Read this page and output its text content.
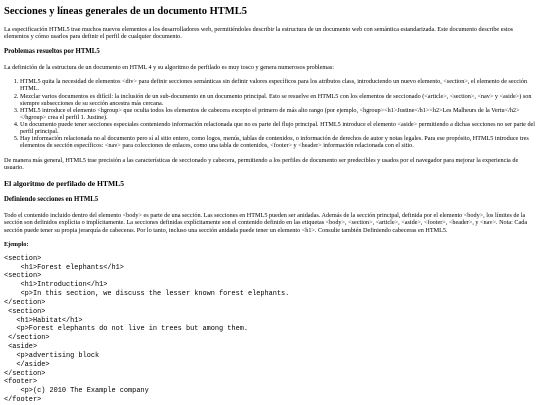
Secciones y líneas generales de un documento HTML5

La especificación HTML5 trae muchos nuevos elementos a los desarrolladores web, permitiéndoles describir la estructura de un documento web con semántica estandarizada. Este documento describe estos elementos y cómo usarlos para definir el perfil de cualquier documento.

Problemas resueltos por HTML5

La definición de la estructura de un documento en HTML 4 y su algoritmo de perfilado es muy tosco y genera numerosos problemas:

1. HTML5 quita la necesidad de elementos <div> para definir secciones semánticas sin definir valores específicos para los atributos class, introduciendo un nuevo elemento, <section>, el elemento de sección HTML.
2. Mezclar varios documentos es difícil: la inclusión de un sub-documento en un documento principal. Esto se resuelve en HTML5 con los elementos de seccionado (<article>, <section>, <nav> y <aside>) son siempre subsecciones de su sección ancestra más cercana.
3. HTML5 introduce el elemento <hgroup> que oculta todos los elementos de cabecera excepto el primero de más alto rango (por ejemplo, <hgroup><h1>Justine</h1><h2>Les Malheurs de la Vertu</h2></hgroup> crea el perfil 1. Justine).
4. Un documento puede tener secciones especiales conteniendo información relacionada que no es parte del flujo principal. HTML5 introduce el elemento <aside> permitiendo a dichas secciones no ser parte del perfil principal.
5. Hay información relacionada no al documento pero sí al sitio entero, como logos, menús, tablas de contenidos, o información de derechos de autor y notas legales. Para ese propósito, HTML5 introduce tres elementos de sección específicos: <nav> para colecciones de enlaces, como una tabla de contenidos, <footer> y <header> información relacionada con el sitio.

De manera más general, HTML5 trae precisión a las características de seccionado y cabecera, permitiendo a los perfiles de documento ser predecibles y usados por el navegador para mejorar la experiencia de usuario.

El algoritmo de perfilado de HTML5
Definiendo secciones en HTML5

Todo el contenido incluido dentro del elemento <body> es parte de una sección. Las secciones en HTML5 pueden ser anidadas. Además de la sección principal, definida por el elemento <body>, los límites de la sección son definidos explícita o implícitamente. La secciones definidas explícitamente son el contenido definido en las etiquetas <body>, <section>, <article>, <aside>, <footer>, <header>, y <nav>. Nota: Cada sección puede tener su propia jerarquía de cabeceras. Por lo tanto, incluso una sección anidada puede tener un elemento <h1>. Consulte también Definiendo cabeceras en HTML5.

Ejemplo:
<section>
<h1>Forest elephants</h1>
<section>
<h1>Introduction</h1>
<p>In this section, we discuss the lesser known forest elephants.
</section>
<section>
<h1>Habitat</h1>
<p>Forest elephants do not live in trees but among them.
</section>
<aside>
<p>advertising block
</aside>
</section>
<footer>
<p>(c) 2010 The Example company
</footer>
